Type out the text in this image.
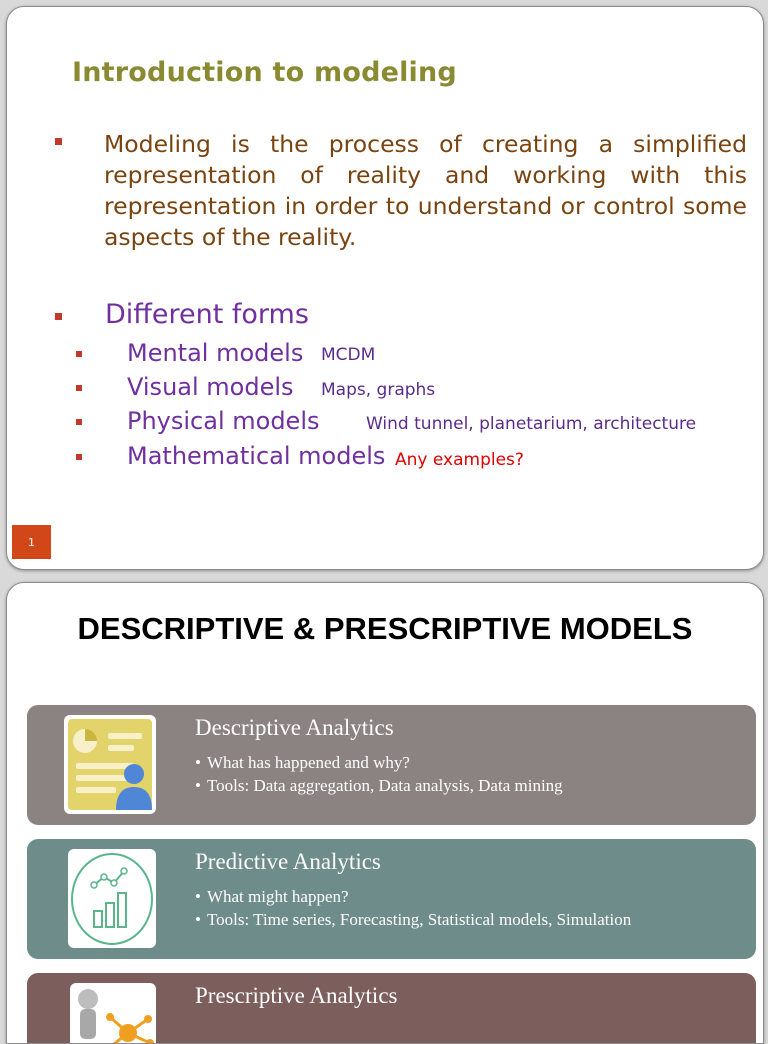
Introduction to modeling
Modeling is the process of creating a simplified representation of reality and working with this representation in order to understand or control some aspects of the reality.
Different forms
Mental models MCDM
Visual models Maps, graphs
Physical models	Wind tunnel, planetarium, architecture
Mathematical models Any examples?
1
DESCRIPTIVE & PRESCRIPTIVE MODELS
Descriptive Analytics
• What has happened and why?
• Tools: Data aggregation, Data analysis, Data mining
Predictive Analytics
• What might happen?
• Tools: Time series, Forecasting, Statistical models, Simulation
Prescriptive Analytics
